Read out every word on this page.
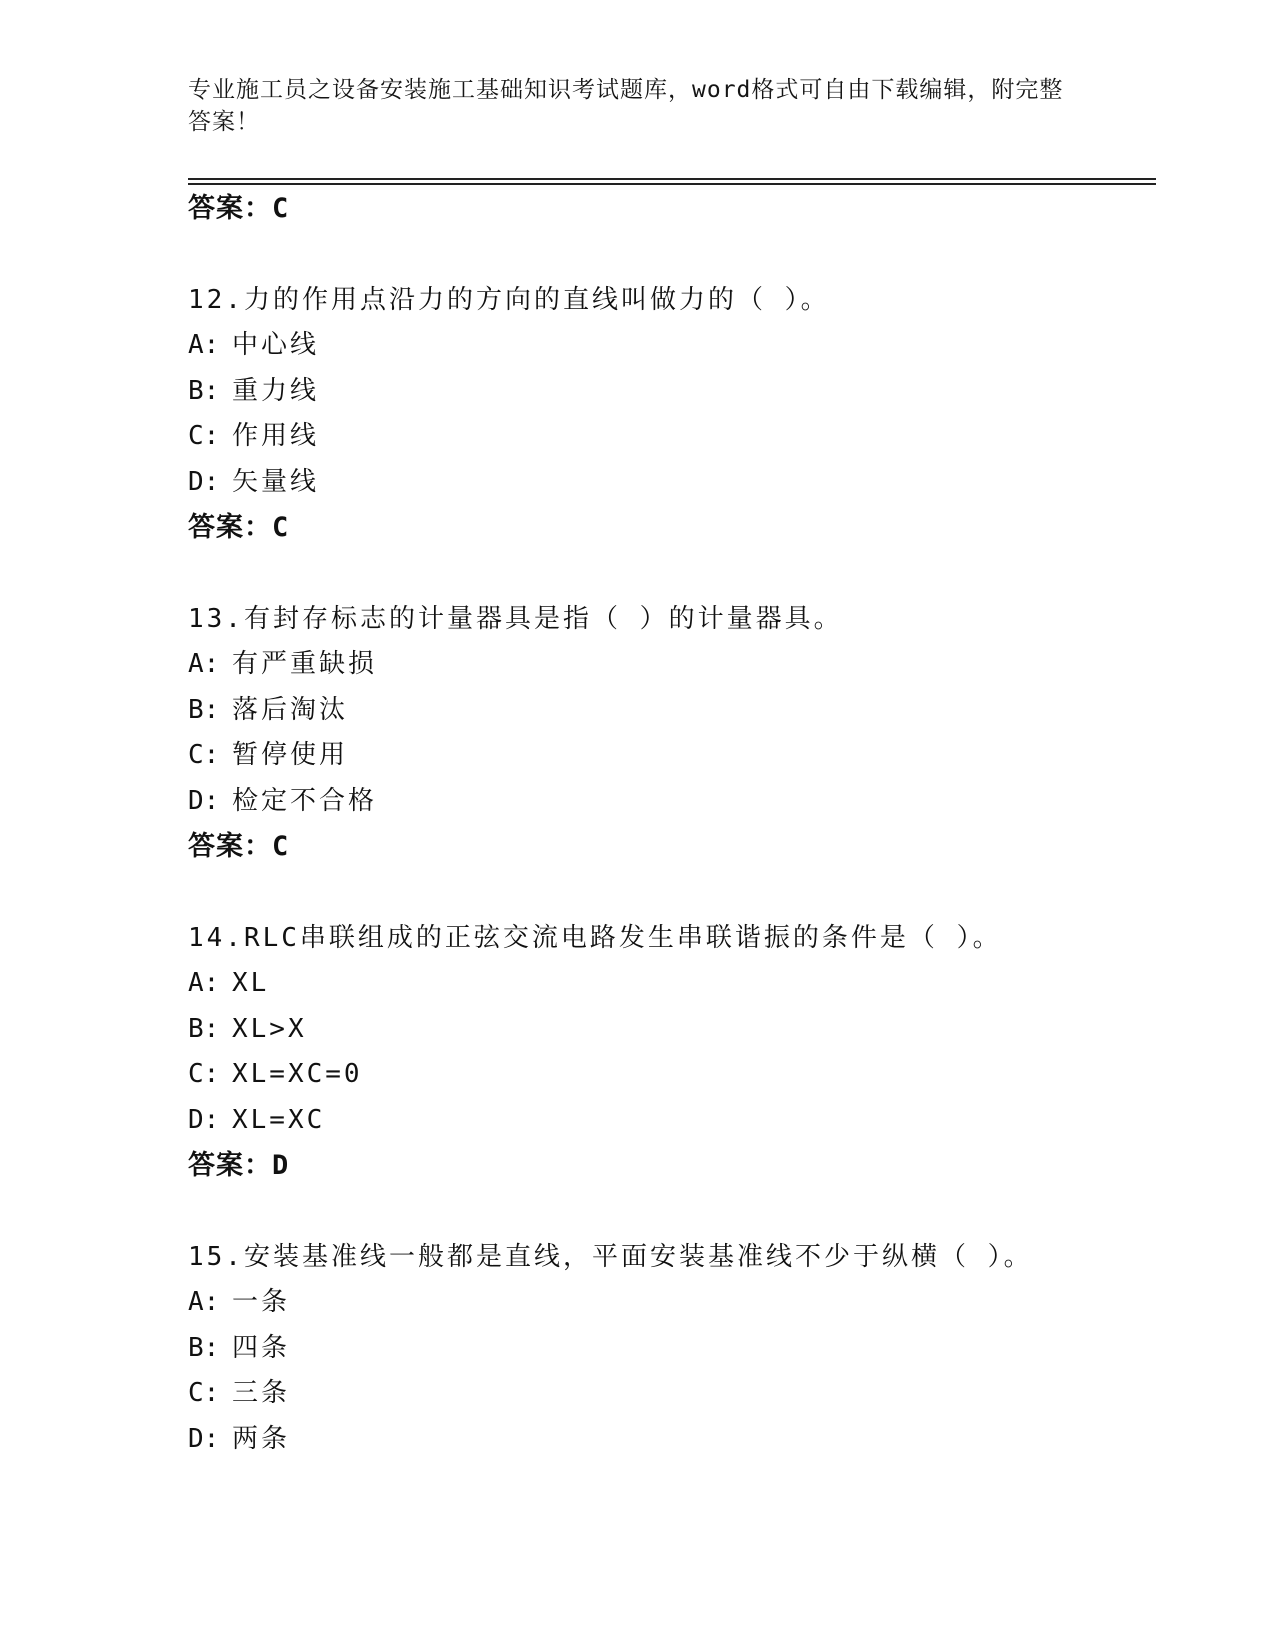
专业施工员之设备安装施工基础知识考试题库，word格式可自由下载编辑，附完整答案！
答案：C
12.力的作用点沿力的方向的直线叫做力的（ ）。
A: 中心线
B: 重力线
C: 作用线
D: 矢量线
答案：C
13.有封存标志的计量器具是指（ ）的计量器具。
A: 有严重缺损
B: 落后淘汰
C: 暂停使用
D: 检定不合格
答案：C
14.RLC串联组成的正弦交流电路发生串联谐振的条件是（ ）。
A: XL
B: XL>X
C: XL=XC=0
D: XL=XC
答案：D
15.安装基准线一般都是直线，平面安装基准线不少于纵横（ ）。
A: 一条
B: 四条
C: 三条
D: 两条
